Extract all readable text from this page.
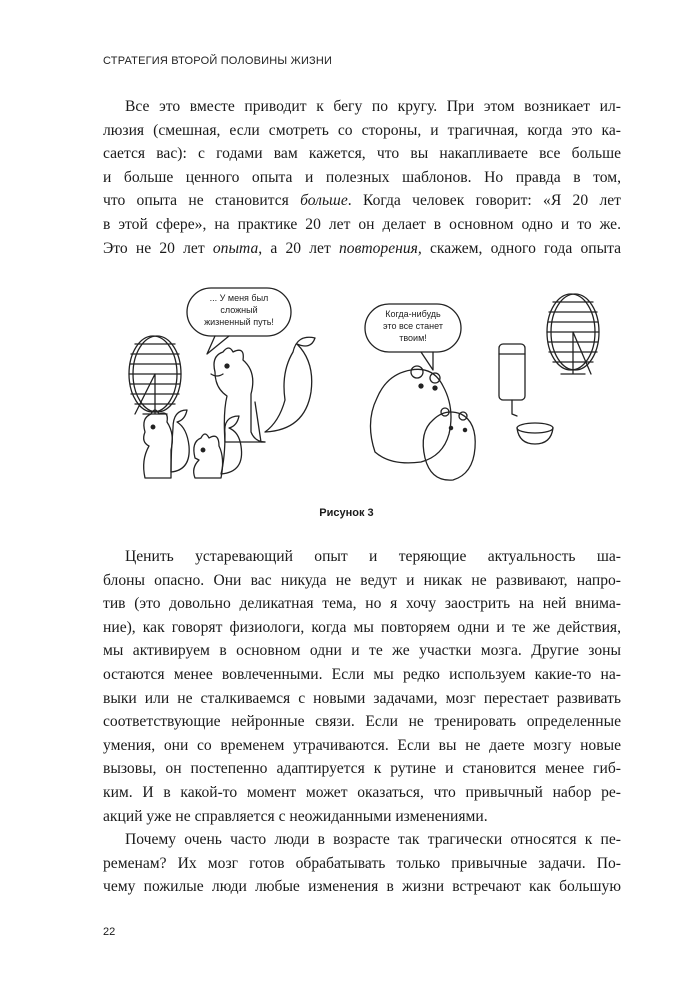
СТРАТЕГИЯ ВТОРОЙ ПОЛОВИНЫ ЖИЗНИ
Все это вместе приводит к бегу по кругу. При этом возникает ил-
люзия (смешная, если смотреть со стороны, и трагичная, когда это ка-
сается вас): с годами вам кажется, что вы накапливаете все больше
и больше ценного опыта и полезных шаблонов. Но правда в том,
что опыта не становится больше. Когда человек говорит: «Я 20 лет
в этой сфере», на практике 20 лет он делает в основном одно и то же.
Это не 20 лет опыта, а 20 лет повторения, скажем, одного года опыта
... У меня был
сложный
жизненный путь!
Когда-нибудь
это все станет
твоим!
Рисунок 3
Ценить устаревающий опыт и теряющие актуальность ша-
блоны опасно. Они вас никуда не ведут и никак не развивают, напро-
тив (это довольно деликатная тема, но я хочу заострить на ней внима-
ние), как говорят физиологи, когда мы повторяем одни и те же действия,
мы активируем в основном одни и те же участки мозга. Другие зоны
остаются менее вовлеченными. Если мы редко используем какие-то на-
выки или не сталкиваемся с новыми задачами, мозг перестает развивать
соответствующие нейронные связи. Если не тренировать определенные
умения, они со временем утрачиваются. Если вы не даете мозгу новые
вызовы, он постепенно адаптируется к рутине и становится менее гиб-
ким. И в какой-то момент может оказаться, что привычный набор ре-
акций уже не справляется с неожиданными изменениями.
Почему очень часто люди в возрасте так трагически относятся к пе-
ременам? Их мозг готов обрабатывать только привычные задачи. По-
чему пожилые люди любые изменения в жизни встречают как большую
22
